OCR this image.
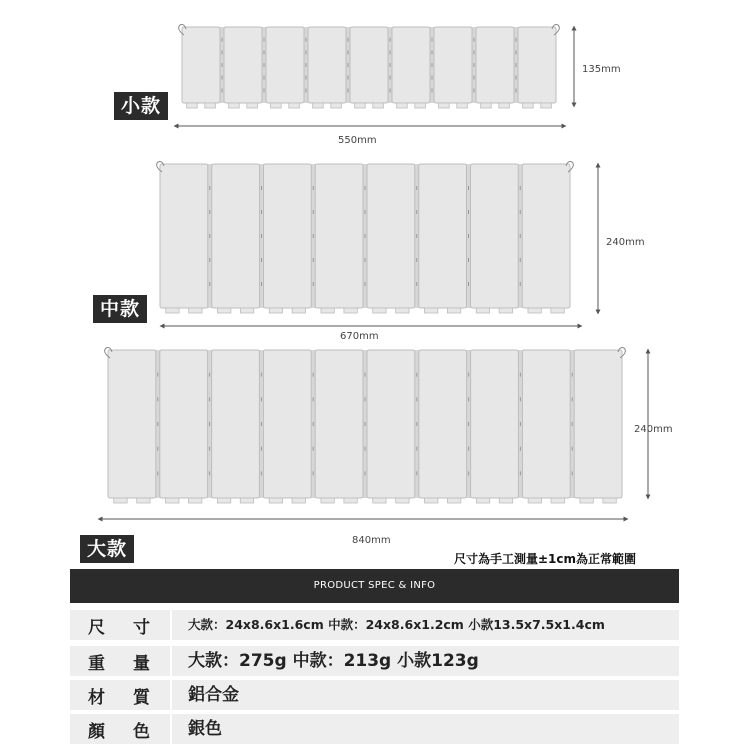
小款
中款
大款
135mm
550mm
240mm
670mm
240mm
840mm
尺寸為手工測量±1cm為正常範圍
PRODUCT SPEC & INFO
尺 寸	大款：24x8.6x1.6cm 中款：24x8.6x1.2cm 小款13.5x7.5x1.4cm
重 量 大款：275g 中款：213g 小款123g
材 質 鋁合金
顏 色 銀色
